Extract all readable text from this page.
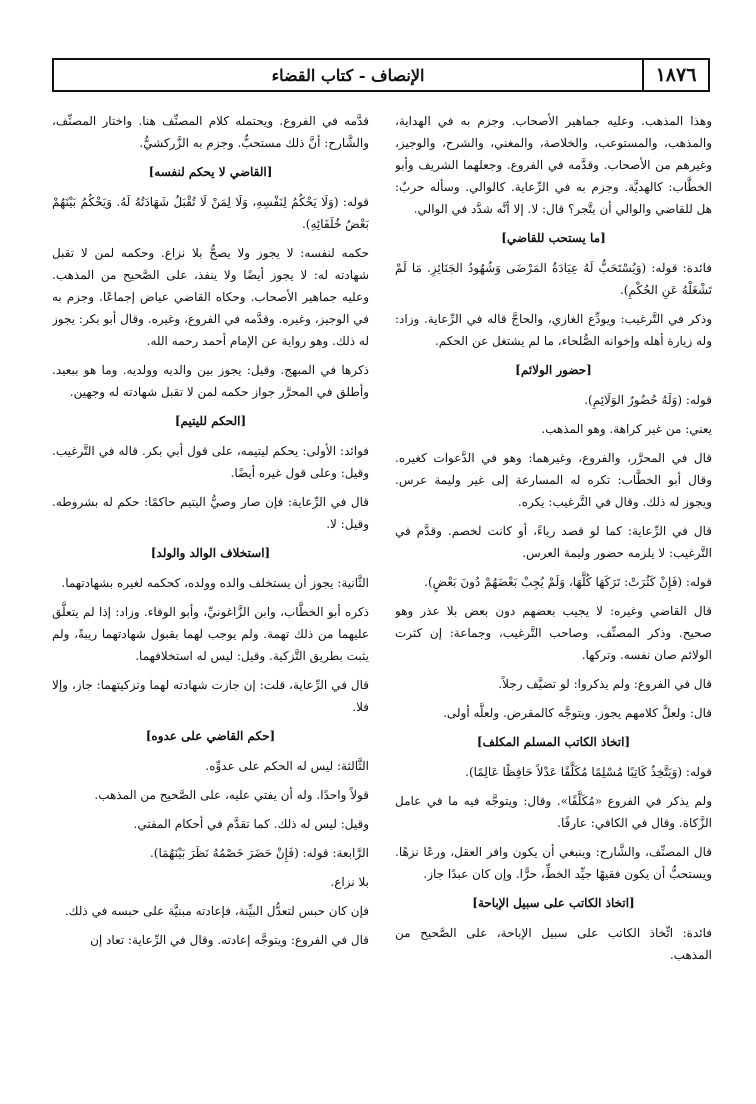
١٨٧٦
الإنصاف - كتاب القضاء

وهذا المذهب. وعليه جماهير الأصحاب. وجزم به في الهداية، والمذهب، والمستوعب، والخلاصة، والمغني، والشرح، والوجيز، وغيرهم من الأصحاب. وقدَّمه في الفروع. وجعلهما الشريف وأبو الخطَّاب: كالهديَّة. وجزم به في الرِّعاية. كالوالي. وسأله حربٌ: هل للقاضي والوالي أن يتَّجر؟ قال: لا. إلا أنَّه شدَّد في الوالي.

[ما يستحب للقاضي]

فائدة: قوله: (وَيُسْتَحَبُّ لَهُ عِيَادَةُ المَرْضَى وَشُهُودُ الجَنَائِزِ. مَا لَمْ تَشْغَلْهُ عَنِ الحُكْمِ).

وذكر في التَّرغيب: ويودِّع الغازي، والحاجَّ قاله في الرِّعاية. وزاد: وله زيارة أهله وإخوانه الصُّلحاء، ما لم يشتغل عن الحكم.

[حضور الولائم]

قوله: (وَلَهُ حُضُورُ الوَلَائِمِ).

يعني: من غير كراهة. وهو المذهب.

قال في المحرَّر، والفروع، وغيرهما: وهو في الدَّعوات كغيره. وقال أبو الخطَّاب: تكره له المسارعة إلى غير وليمة عرس. ويجوز له ذلك. وقال في التَّرغيب: يكره.

قال في الرِّعاية: كما لو قصد رياءً، أو كانت لخصم. وقدَّم في التَّرغيب: لا يلزمه حضور وليمة العرس.

قوله: (فَإِنْ كَثُرَتْ: تَرَكَهَا كُلَّهَا، وَلَمْ يُجِبْ بَعْضَهُمْ دُونَ بَعْضٍ).

قال القاضي وغيره: لا يجيب بعضهم دون بعض بلا عذر وهو صحيح. وذكر المصنِّف، وصاحب التَّرغيب، وجماعة: إن كثرت الولائم صان نفسه. وتركها.

قال في الفروع: ولم يذكروا: لو تضيَّف رجلاً.

قال: ولعلَّ كلامهم يجوز. ويتوجَّه كالمقرض. ولعلَّه أولى.

[اتخاذ الكاتب المسلم المكلف]

قوله: (وَيَتَّخِذُ كَاتِبًا مُسْلِمًا مُكَلَّفًا عَدْلاً حَافِظًا عَالِمًا).

ولم يذكر في الفروع «مُكَلَّفًا». وقال: ويتوجَّه فيه ما في عامل الزَّكاة. وقال في الكافي: عارفًا.

قال المصنِّف، والشَّارح: وينبغي أن يكون وافر العقل، ورعًا نزهًا. ويستحبُّ أن يكون فقيهًا جيِّد الخطِّ، حرًّا. وإن كان عبدًا جاز.

[اتخاذ الكاتب على سبيل الإباحة]

فائدة: اتِّخاذ الكاتب على سبيل الإباحة، على الصَّحيح من المذهب.

قدَّمه في الفروع. ويحتمله كلام المصنِّف هنا. واختار المصنِّف، والشَّارح: أنَّ ذلك مستحبٌّ. وجزم به الزَّركشيُّ.

[القاضي لا يحكم لنفسه]

قوله: (وَلَا يَحْكُمُ لِنَفْسِهِ، وَلَا لِمَنْ لَا تُقْبَلُ شَهَادَتُهُ لَهُ. وَيَحْكُمُ بَيْنَهُمْ بَعْضُ خُلَفَائِهِ).

حكمه لنفسه: لا يجوز ولا يصحُّ بلا نزاع. وحكمه لمن لا تقبل شهادته له: لا يجوز أيضًا ولا ينفذ، على الصَّحيح من المذهب. وعليه جماهير الأصحاب. وحكاه القاضي عياض إجماعًا. وجزم به في الوجيز، وغيره. وقدَّمه في الفروع، وغيره. وقال أبو بكر: يجوز له ذلك. وهو رواية عن الإمام أحمد رحمه الله.

ذكرها في المبهج. وقيل: يجوز بين والديه وولديه. وما هو ببعيد. وأطلق في المحرَّر جواز حكمه لمن لا تقبل شهادته له وجهين.

[الحكم لليتيم]

فوائد: الأولى: يحكم ليتيمه، على قول أبي بكر. قاله في التَّرغيب. وقيل: وعلى قول غيره أيضًا.

قال في الرِّعاية: فإن صار وصيُّ اليتيم حاكمًا: حكم له بشروطه. وقيل: لا.

[استخلاف الوالد والولد]

الثَّانية: يجوز أن يستخلف والده وولده، كحكمه لغيره بشهادتهما.

ذكره أبو الخطَّاب، وابن الزَّاغونيِّ، وأبو الوفاء. وزاد: إذا لم يتعلَّق عليهما من ذلك تهمة. ولم يوجب لهما بقبول شهادتهما ريبةً، ولم يثبت بطريق التَّزكية. وقيل: ليس له استخلافهما.

قال في الرِّعاية، قلت: إن جازت شهادته لهما وتزكيتهما: جاز، وإلا فلا.

[حكم القاضي على عدوه]

الثَّالثة: ليس له الحكم على عدوِّه.

قولاً واحدًا. وله أن يفتي عليه، على الصَّحيح من المذهب.

وقيل: ليس له ذلك. كما تقدَّم في أحكام المفتي.

الرَّابعة: قوله: (فَإِنْ حَضَرَ خَصْمُهُ نَظَرَ بَيْنَهُمَا).

بلا نزاع.

فإن كان حبس لتعدُّل البيِّنة، فإعادته مبنيَّة على حبسه في ذلك.

قال في الفروع: ويتوجَّه إعادته. وقال في الرِّعاية: تعاد إن
